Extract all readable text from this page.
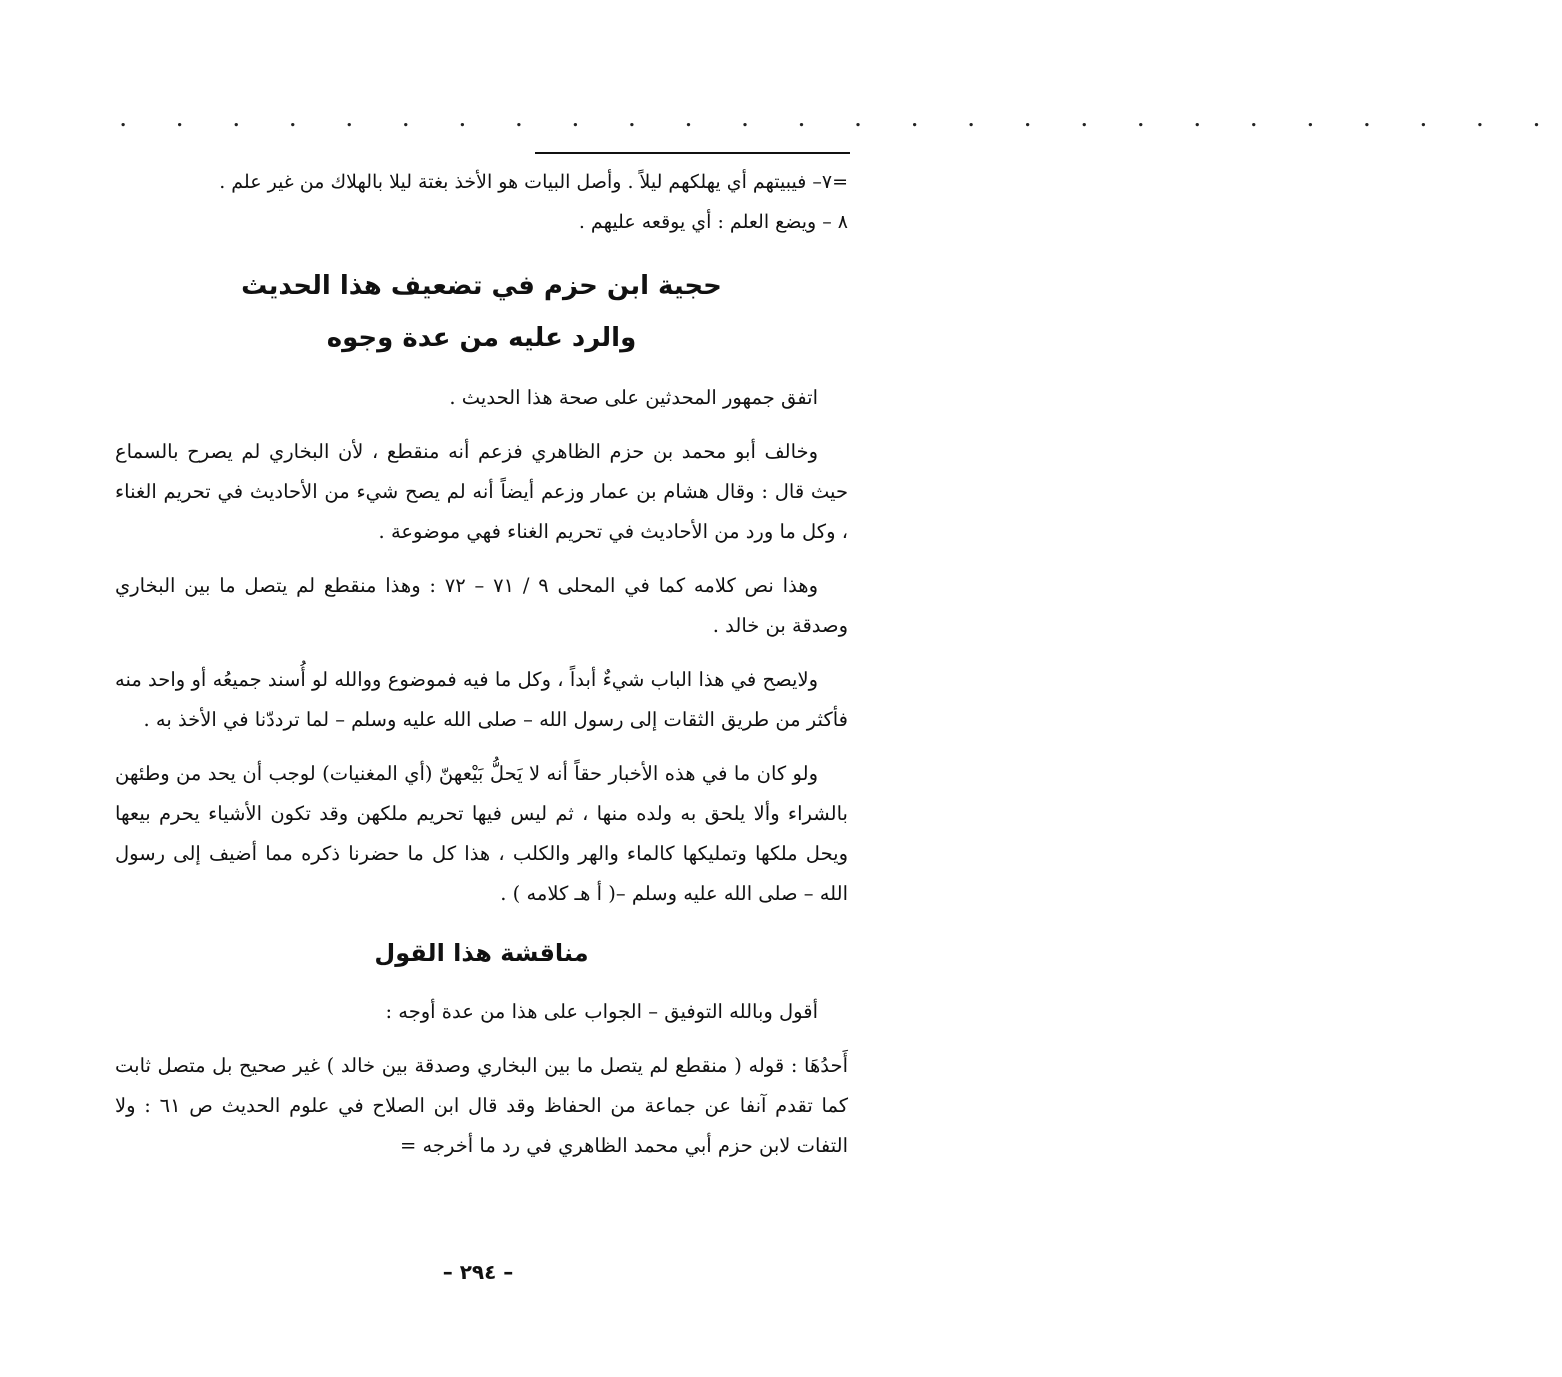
. . . . . . . . . . . . . . . . . . . . . . . . . .

=٧– فيبيتهم أي يهلكهم ليلاً . وأصل البيات هو الأخذ بغتة ليلا بالهلاك من غير علم .

٨ – ويضع العلم : أي يوقعه عليهم .

حجية ابن حزم في تضعيف هذا الحديث

والرد عليه من عدة وجوه

اتفق جمهور المحدثين على صحة هذا الحديث .

وخالف أبو محمد بن حزم الظاهري فزعم أنه منقطع ، لأن البخاري لم يصرح بالسماع حيث قال : وقال هشام بن عمار وزعم أيضاً أنه لم يصح شيء من الأحاديث في تحريم الغناء ، وكل ما ورد من الأحاديث في تحريم الغناء فهي موضوعة .

وهذا نص كلامه كما في المحلى ٩ / ٧١ – ٧٢ : وهذا منقطع لم يتصل ما بين البخاري وصدقة بن خالد .

ولايصح في هذا الباب شيءٌ أبداً ، وكل ما فيه فموضوع ووالله لو أُسند جميعُه أو واحد منه فأكثر من طريق الثقات إلى رسول الله – صلى الله عليه وسلم – لما ترددّنا في الأخذ به .

ولو كان ما في هذه الأخبار حقاً أنه لا يَحلُّ بَيْعهنّ (أي المغنيات) لوجب أن يحد من وطئهن بالشراء وألا يلحق به ولده منها ، ثم ليس فيها تحريم ملكهن وقد تكون الأشياء يحرم بيعها ويحل ملكها وتمليكها كالماء والهر والكلب ، هذا كل ما حضرنا ذكره مما أضيف إلى رسول الله – صلى الله عليه وسلم –( أ هـ كلامه ) .

مناقشة هذا القول

أقول وبالله التوفيق – الجواب على هذا من عدة أوجه :

أَحدُهَا : قوله ( منقطع لم يتصل ما بين البخاري وصدقة بين خالد ) غير صحيح بل متصل ثابت كما تقدم آنفا عن جماعة من الحفاظ وقد قال ابن الصلاح في علوم الحديث ص ٦١ : ولا التفات لابن حزم أبي محمد الظاهري في رد ما أخرجه =

– ٢٩٤ –
